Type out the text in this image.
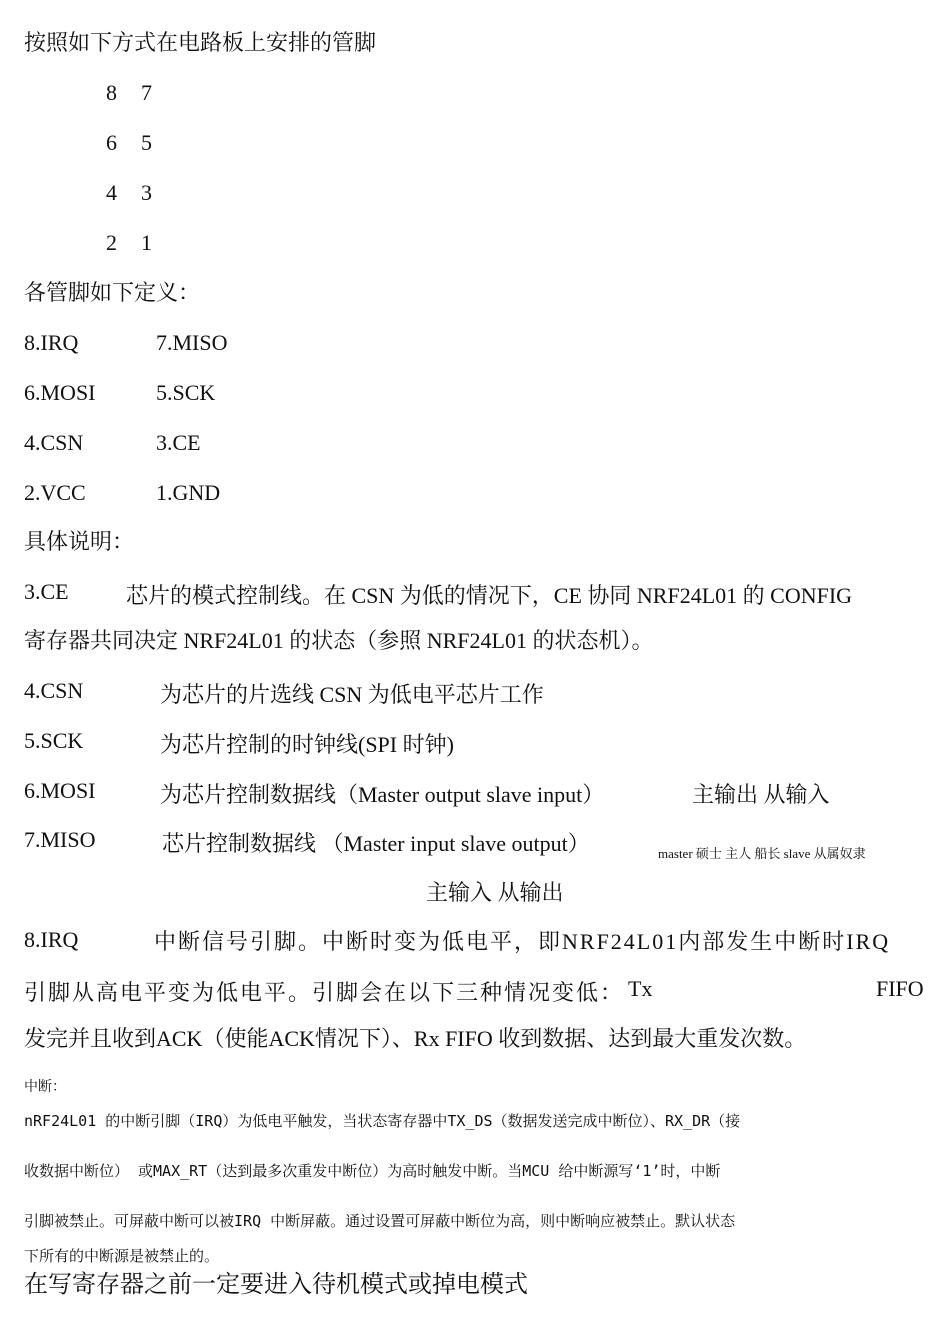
按照如下方式在电路板上安排的管脚
8 7
6 5
4 3
2 1
各管脚如下定义：
8.IRQ	7.MISO
6.MOSI	5.SCK
4.CSN	3.CE
2.VCC	1.GND
具体说明：
3.CE	芯片的模式控制线。在 CSN 为低的情况下，CE 协同 NRF24L01 的 CONFIG
寄存器共同决定 NRF24L01 的状态（参照 NRF24L01 的状态机）。
4.CSN	为芯片的片选线 CSN 为低电平芯片工作
5.SCK	为芯片控制的时钟线(SPI 时钟)
6.MOSI	为芯片控制数据线（Master output slave input）	主输出 从输入
7.MISO	芯片控制数据线 （Master input slave output）	master 硕士 主人 船长 slave 从属奴隶
主输入 从输出
8.IRQ	中断信号引脚。中断时变为低电平，即NRF24L01内部发生中断时IRQ
引脚从高电平变为低电平。引脚会在以下三种情况变低： Tx	FIFO
发完并且收到ACK（使能ACK情况下）、Rx FIFO 收到数据、达到最大重发次数。
中断：
nRF24L01 的中断引脚（IRQ）为低电平触发，当状态寄存器中TX_DS（数据发送完成中断位）、RX_DR（接
收数据中断位） 或MAX_RT（达到最多次重发中断位）为高时触发中断。当MCU 给中断源写‘1’时，中断
引脚被禁止。可屏蔽中断可以被IRQ 中断屏蔽。通过设置可屏蔽中断位为高，则中断响应被禁止。默认状态
下所有的中断源是被禁止的。
在写寄存器之前一定要进入待机模式或掉电模式
